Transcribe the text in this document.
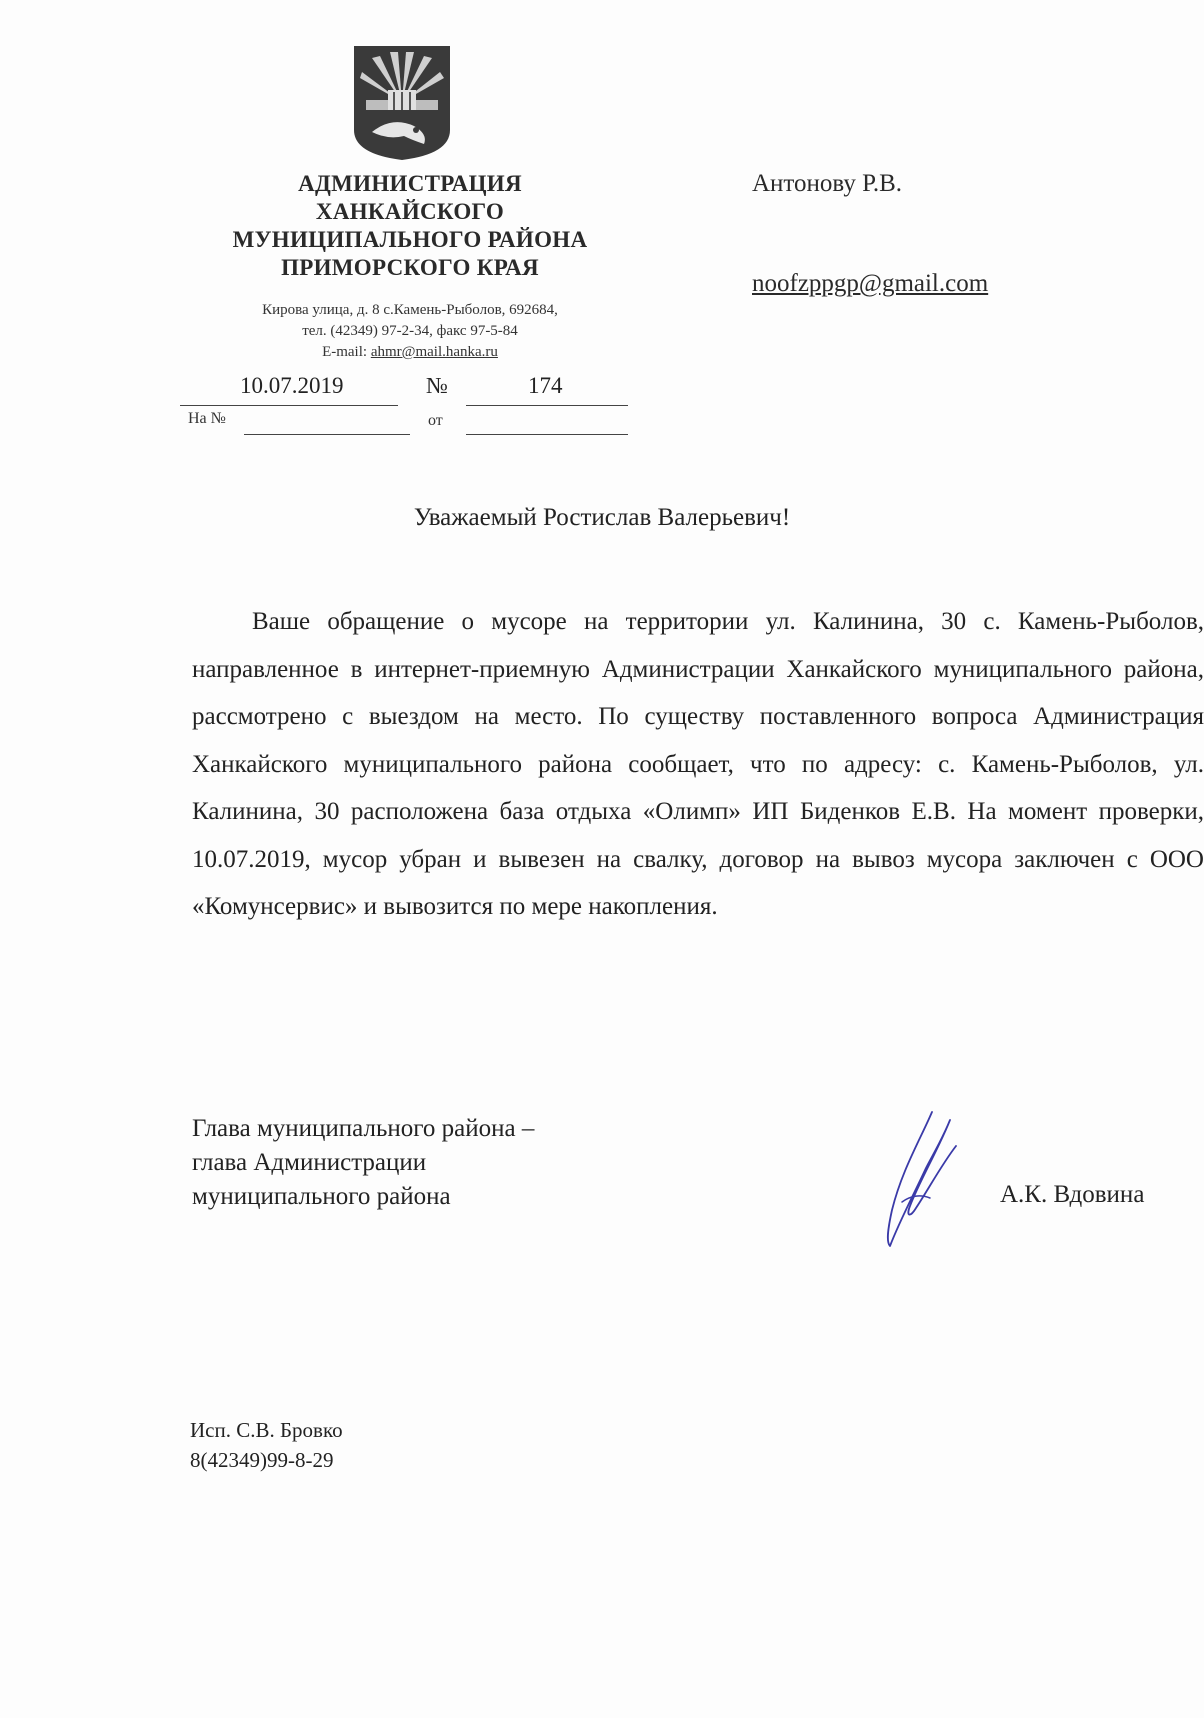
АДМИНИСТРАЦИЯ
ХАНКАЙСКОГО
МУНИЦИПАЛЬНОГО РАЙОНА
ПРИМОРСКОГО КРАЯ
Кирова улица, д. 8 с.Камень-Рыболов, 692684,
тел. (42349) 97-2-34, факс 97-5-84
E-mail: ahmr@mail.hanka.ru
10.07.2019	№	174
На №	от
Антонову Р.В.
noofzppgp@gmail.com
Уважаемый Ростислав Валерьевич!

Ваше обращение о мусоре на территории ул. Калинина, 30 с. Камень-Рыболов, направленное в интернет-приемную Администрации Ханкайского муниципального района, рассмотрено с выездом на место. По существу поставленного вопроса Администрация Ханкайского муниципального района сообщает, что по адресу: с. Камень-Рыболов, ул. Калинина, 30 расположена база отдыха «Олимп» ИП Биденков Е.В. На момент проверки, 10.07.2019, мусор убран и вывезен на свалку, договор на вывоз мусора заключен с ООО «Комунсервис» и вывозится по мере накопления.

Глава муниципального района –
глава Администрации
муниципального района	А.К. Вдовина
Исп. С.В. Бровко
8(42349)99-8-29
